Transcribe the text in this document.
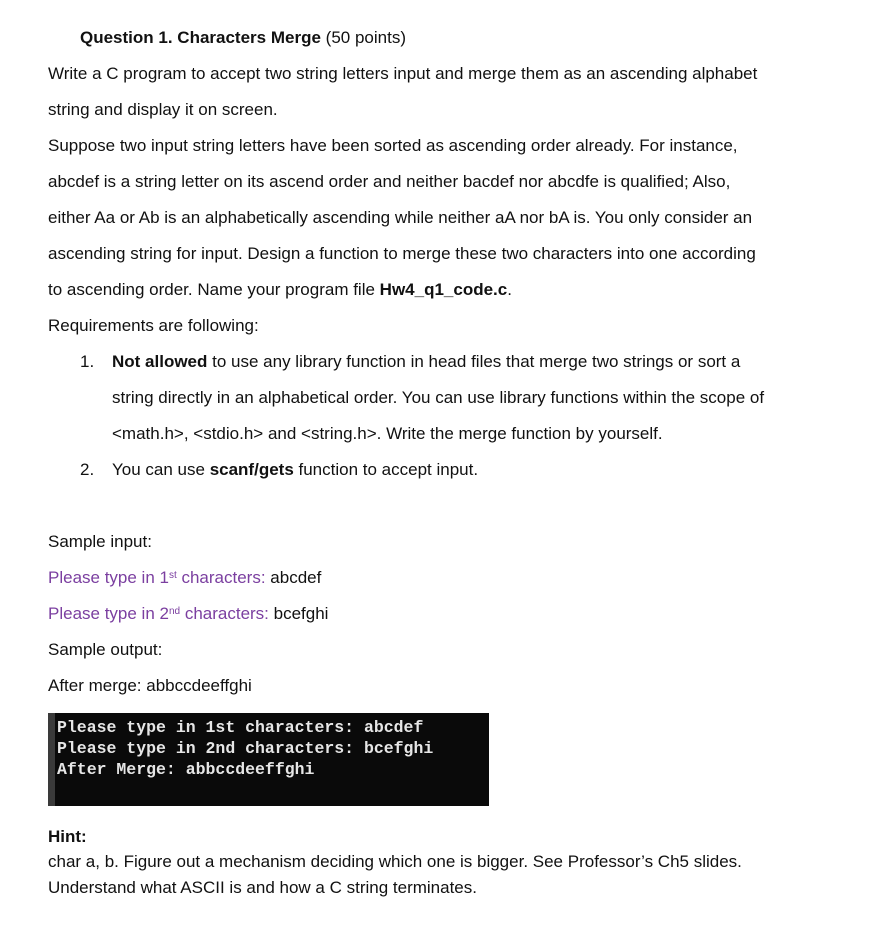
Question 1. Characters Merge (50 points)
Write a C program to accept two string letters input and merge them as an ascending alphabet
string and display it on screen.
Suppose two input string letters have been sorted as ascending order already. For instance,
abcdef is a string letter on its ascend order and neither bacdef nor abcdfe is qualified; Also,
either Aa or Ab is an alphabetically ascending while neither aA nor bA is. You only consider an
ascending string for input. Design a function to merge these two characters into one according
to ascending order. Name your program file Hw4_q1_code.c.
Requirements are following:
1. Not allowed to use any library function in head files that merge two strings or sort a
string directly in an alphabetical order. You can use library functions within the scope of
<math.h>, <stdio.h> and <string.h>. Write the merge function by yourself.
2. You can use scanf/gets function to accept input.
Sample input:
Please type in 1st characters: abcdef
Please type in 2nd characters: bcefghi
Sample output:
After merge: abbccdeeffghi
Please type in 1st characters: abcdef
Please type in 2nd characters: bcefghi
After Merge: abbccdeeffghi
Hint:
char a, b. Figure out a mechanism deciding which one is bigger. See Professor’s Ch5 slides.
Understand what ASCII is and how a C string terminates.
